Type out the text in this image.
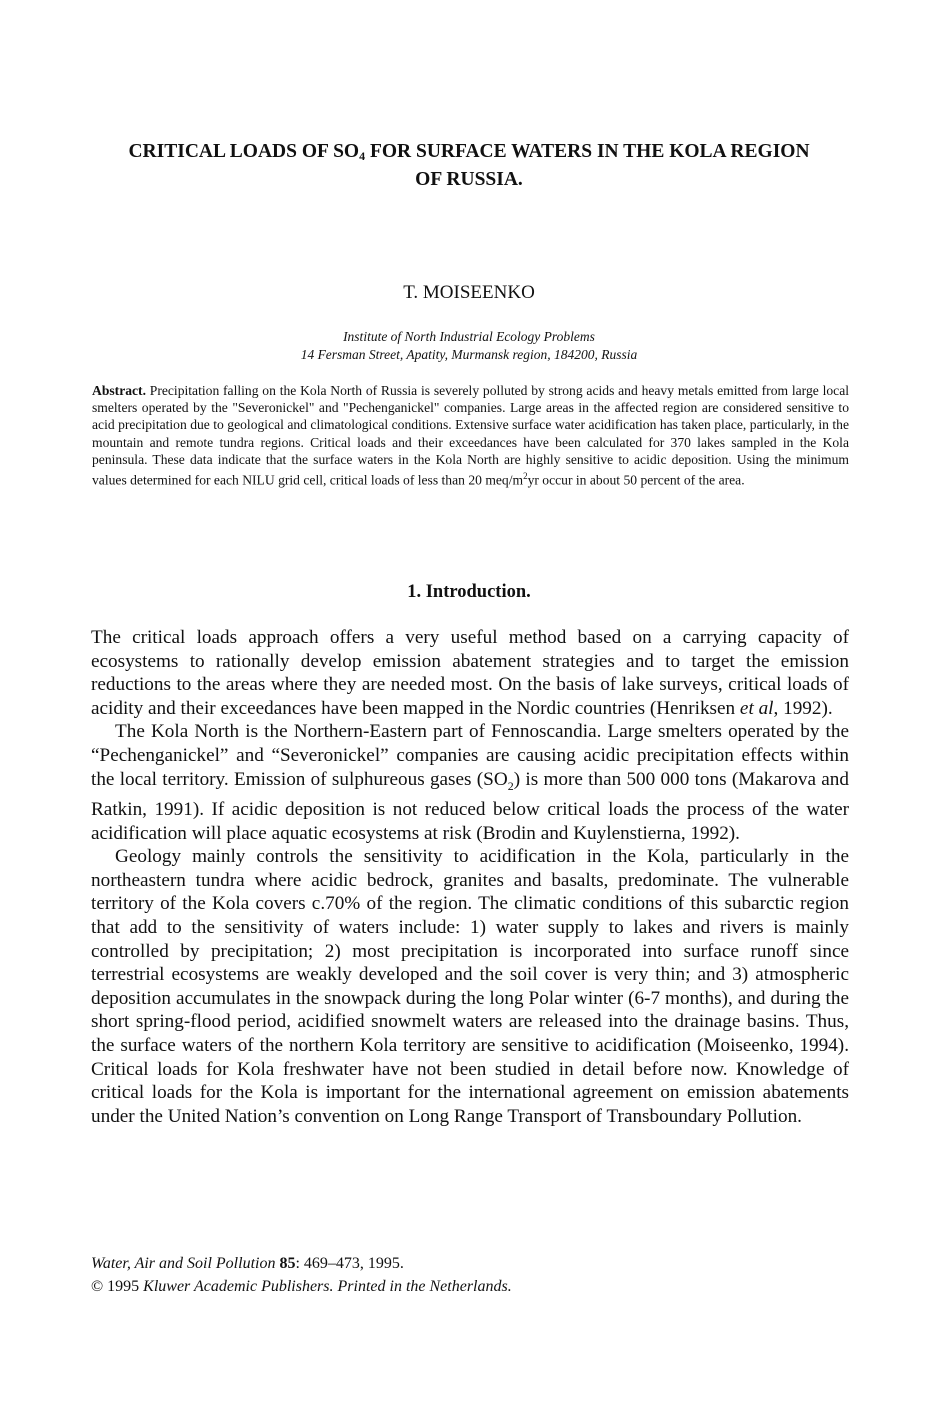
CRITICAL LOADS OF $SO_4$ FOR SURFACE WATERS IN THE KOLA REGION
OF RUSSIA.
T. MOISEENKO
Institute of North Industrial Ecology Problems
14 Fersman Street, Apatity, Murmansk region, 184200, Russia
Abstract. Precipitation falling on the Kola North of Russia is severely polluted by strong acids and heavy metals emitted from large local smelters operated by the "Severonickel" and "Pechenganickel" companies. Large areas in the affected region are considered sensitive to acid precipitation due to geological and climatological conditions. Extensive surface water acidification has taken place, particularly, in the mountain and remote tundra regions. Critical loads and their exceedances have been calculated for 370 lakes sampled in the Kola peninsula. These data indicate that the surface waters in the Kola North are highly sensitive to acidic deposition. Using the minimum values determined for each NILU grid cell, critical loads of less than 20 meq/$m^2yr$ occur in about 50 percent of the area.
1. Introduction.

The critical loads approach offers a very useful method based on a carrying capacity of ecosystems to rationally develop emission abatement strategies and to target the emission reductions to the areas where they are needed most. On the basis of lake surveys, critical loads of acidity and their exceedances have been mapped in the Nordic countries (Henriksen et al, 1992).

The Kola North is the Northern-Eastern part of Fennoscandia. Large smelters operated by the “Pechenganickel” and “Severonickel” companies are causing acidic precipitation effects within the local territory. Emission of sulphureous gases $(SO_2)$ is more than 500 000 tons (Makarova and Ratkin, 1991). If acidic deposition is not reduced below critical loads the process of the water acidification will place aquatic ecosystems at risk (Brodin and Kuylenstierna, 1992).

Geology mainly controls the sensitivity to acidification in the Kola, particularly in the northeastern tundra where acidic bedrock, granites and basalts, predominate. The vulnerable territory of the Kola covers c.70% of the region. The climatic conditions of this subarctic region that add to the sensitivity of waters include: 1) water supply to lakes and rivers is mainly controlled by precipitation; 2) most precipitation is incorporated into surface runoff since terrestrial ecosystems are weakly developed and the soil cover is very thin; and 3) atmospheric deposition accumulates in the snowpack during the long Polar winter (6-7 months), and during the short spring-flood period, acidified snowmelt waters are released into the drainage basins. Thus, the surface waters of the northern Kola territory are sensitive to acidification (Moiseenko, 1994). Critical loads for Kola freshwater have not been studied in detail before now. Knowledge of critical loads for the Kola is important for the international agreement on emission abatements under the United Nation’s convention on Long Range Transport of Transboundary Pollution.

Water, Air and Soil Pollution 85: 469–473, 1995.
© 1995 Kluwer Academic Publishers. Printed in the Netherlands.
